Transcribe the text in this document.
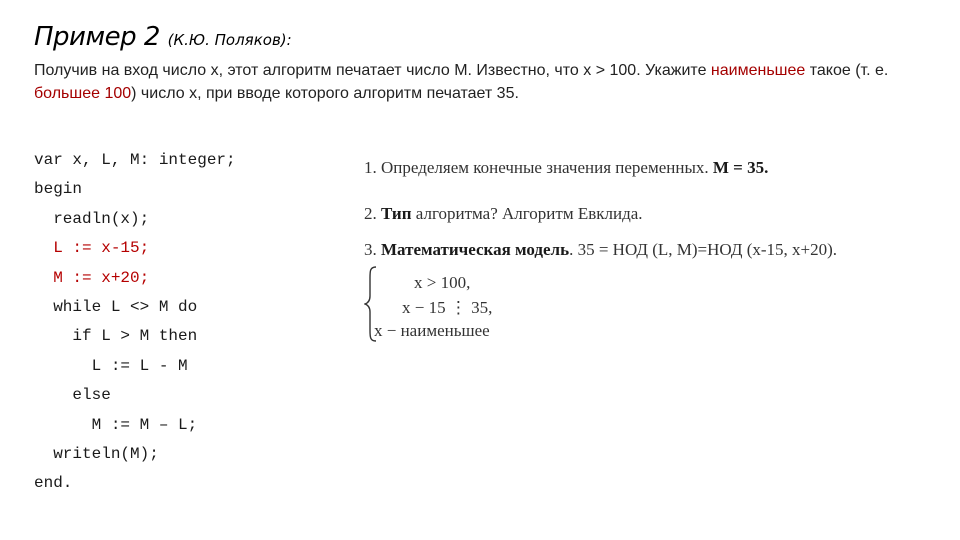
Пример 2 (К.Ю. Поляков):
Получив на вход число x, этот алгоритм печатает число M. Известно, что x > 100. Укажите наименьшее такое (т. е. большее 100) число x, при вводе которого алгоритм печатает 35.
var x, L, M: integer;
begin
readln(x);
L := x-15;
M := x+20;
while L <> M do
if L > M then
L := L - M
else
M := M – L;
writeln(M);
end.
1. Определяем конечные значения переменных. M = 35.
2. Тип алгоритма? Алгоритм Евклида.
3. Математическая модель. 35 = НОД (L, M)=НОД (x-15, x+20).
x > 100,
x − 15 ⋮ 35,
x − наименьшее
